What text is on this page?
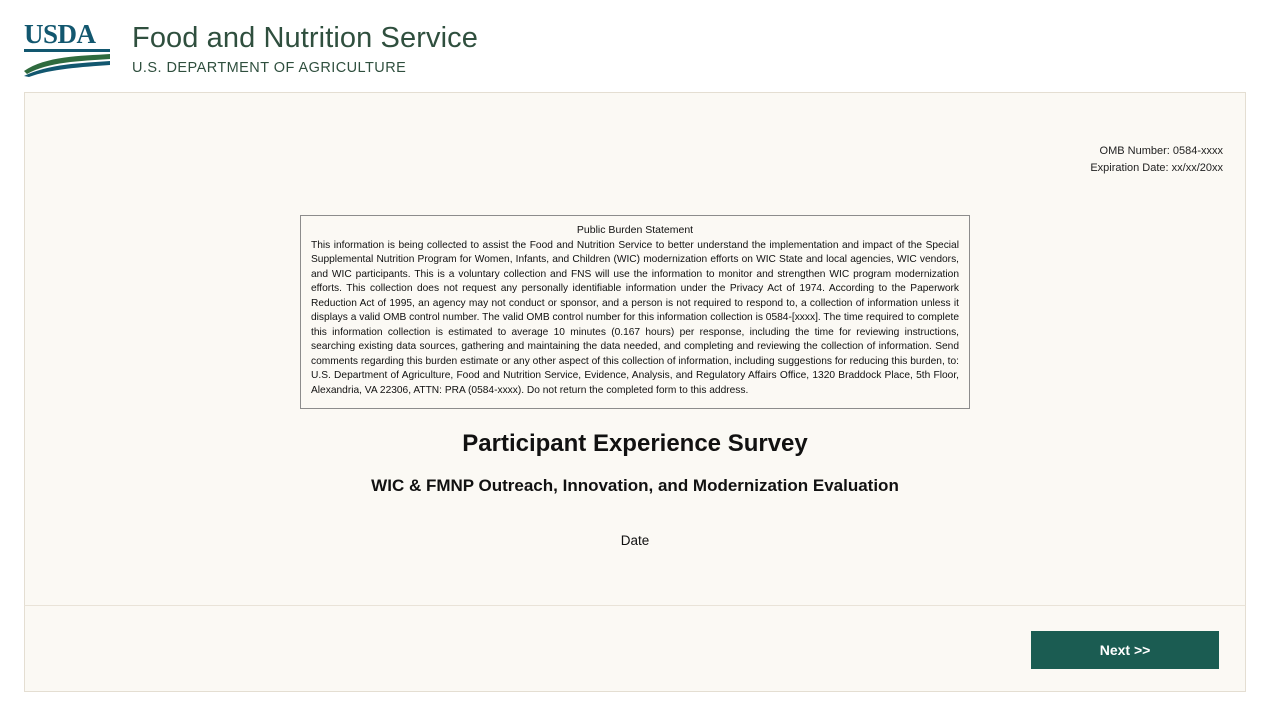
USDA Food and Nutrition Service
U.S. DEPARTMENT OF AGRICULTURE
OMB Number: 0584-xxxx
Expiration Date: xx/xx/20xx
Public Burden Statement
This information is being collected to assist the Food and Nutrition Service to better understand the implementation and impact of the Special Supplemental Nutrition Program for Women, Infants, and Children (WIC) modernization efforts on WIC State and local agencies, WIC vendors, and WIC participants. This is a voluntary collection and FNS will use the information to monitor and strengthen WIC program modernization efforts. This collection does not request any personally identifiable information under the Privacy Act of 1974. According to the Paperwork Reduction Act of 1995, an agency may not conduct or sponsor, and a person is not required to respond to, a collection of information unless it displays a valid OMB control number. The valid OMB control number for this information collection is 0584-[xxxx]. The time required to complete this information collection is estimated to average 10 minutes (0.167 hours) per response, including the time for reviewing instructions, searching existing data sources, gathering and maintaining the data needed, and completing and reviewing the collection of information. Send comments regarding this burden estimate or any other aspect of this collection of information, including suggestions for reducing this burden, to: U.S. Department of Agriculture, Food and Nutrition Service, Evidence, Analysis, and Regulatory Affairs Office, 1320 Braddock Place, 5th Floor, Alexandria, VA 22306, ATTN: PRA (0584-xxxx). Do not return the completed form to this address.
Participant Experience Survey
WIC & FMNP Outreach, Innovation, and Modernization Evaluation
Date
Next >>
